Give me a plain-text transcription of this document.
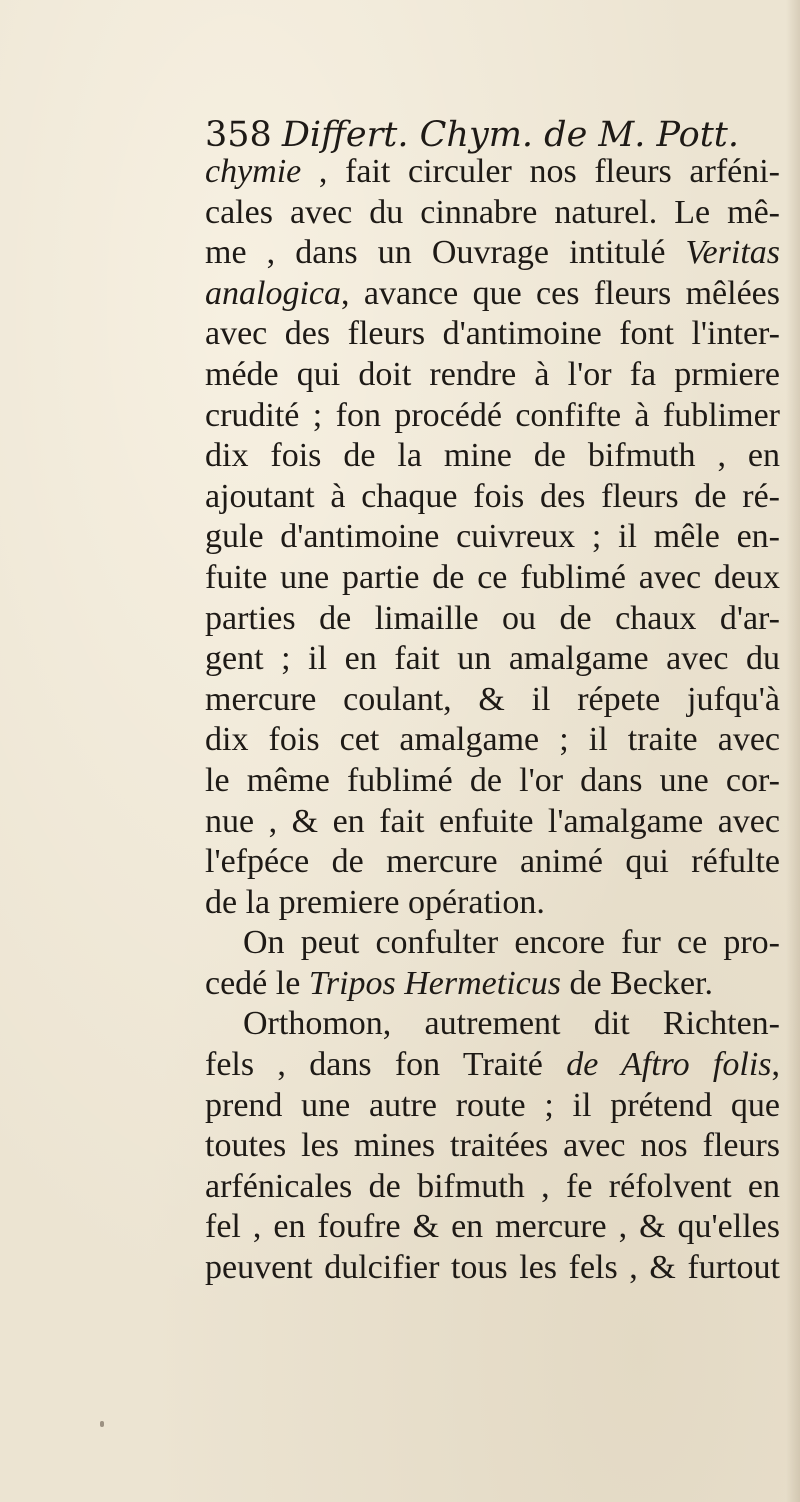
358 Differt. Chym. de M. Pott.
chymie , fait circuler nos fleurs arféni-
cales avec du cinnabre naturel. Le mê-
me , dans un Ouvrage intitulé Veritas
analogica, avance que ces fleurs mêlées
avec des fleurs d'antimoine font l'inter-
méde qui doit rendre à l'or fa prmiere
crudité ; fon procédé confifte à fublimer
dix fois de la mine de bifmuth , en
ajoutant à chaque fois des fleurs de ré-
gule d'antimoine cuivreux ; il mêle en-
fuite une partie de ce fublimé avec deux
parties de limaille ou de chaux d'ar-
gent ; il en fait un amalgame avec du
mercure coulant, & il répete jufqu'à
dix fois cet amalgame ; il traite avec
le même fublimé de l'or dans une cor-
nue , & en fait enfuite l'amalgame avec
l'efpéce de mercure animé qui réfulte
de la premiere opération.
On peut confulter encore fur ce pro-
cedé le Tripos Hermeticus de Becker.
Orthomon, autrement dit Richten-
fels , dans fon Traité de Aftro folis,
prend une autre route ; il prétend que
toutes les mines traitées avec nos fleurs
arfénicales de bifmuth , fe réfolvent en
fel , en foufre & en mercure , & qu'elles
peuvent dulcifier tous les fels , & furtout
